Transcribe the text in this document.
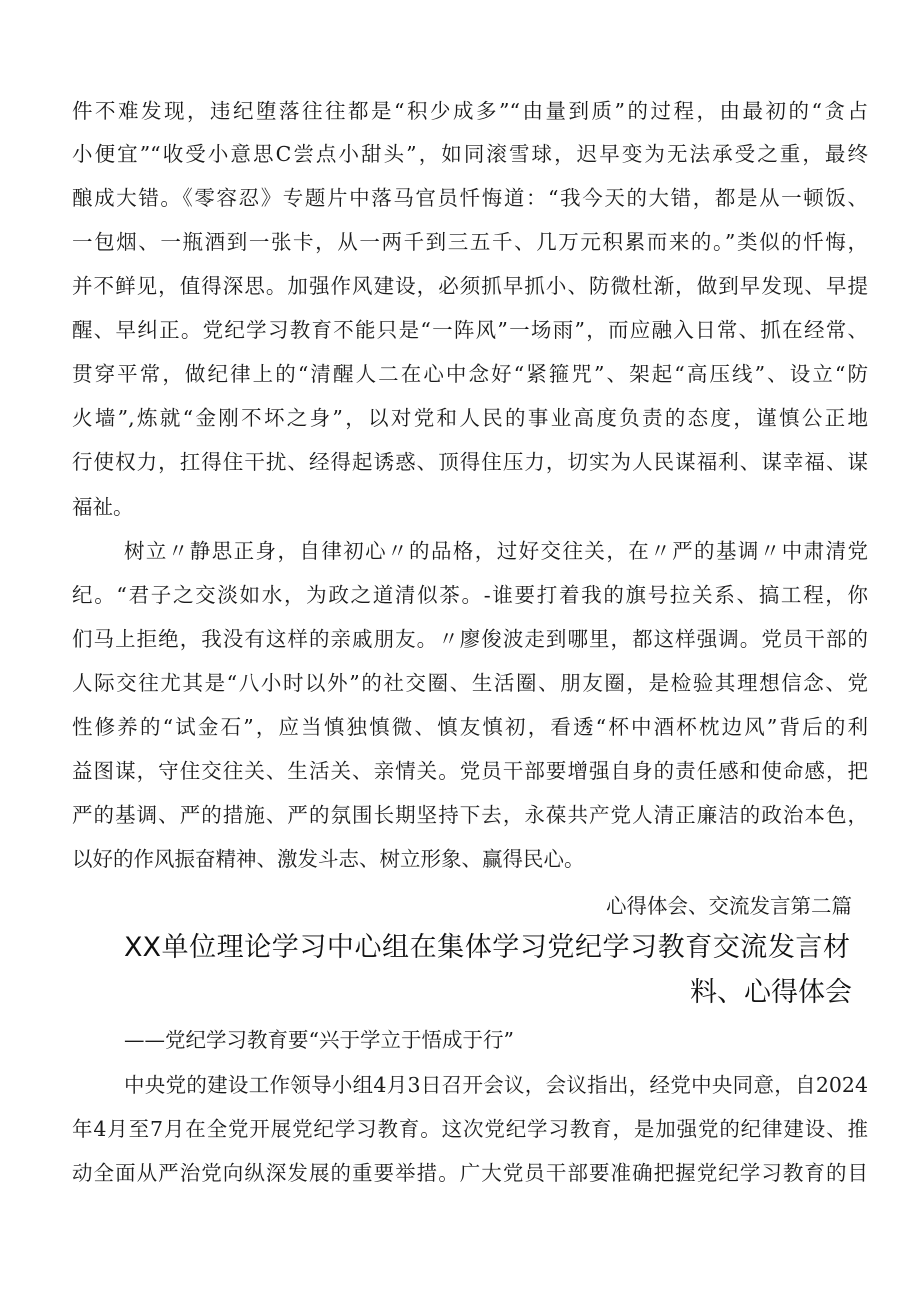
件不难发现，违纪堕落往往都是“积少成多”“由量到质”的过程，由最初的“贪占
小便宜”“收受小意思C尝点小甜头”，如同滚雪球，迟早变为无法承受之重，最终
酿成大错。《零容忍》专题片中落马官员忏悔道：“我今天的大错，都是从一顿饭、
一包烟、一瓶酒到一张卡，从一两千到三五千、几万元积累而来的。”类似的忏悔，
并不鲜见，值得深思。加强作风建设，必须抓早抓小、防微杜渐，做到早发现、早提
醒、早纠正。党纪学习教育不能只是“一阵风”一场雨”，而应融入日常、抓在经常、
贯穿平常，做纪律上的“清醒人二在心中念好“紧箍咒”、架起“高压线”、设立“防
火墙”,炼就“金刚不坏之身”，以对党和人民的事业高度负责的态度，谨慎公正地
行使权力，扛得住干扰、经得起诱惑、顶得住压力，切实为人民谋福利、谋幸福、谋
福祉。
树立〃静思正身，自律初心〃的品格，过好交往关，在〃严的基调〃中肃清党
纪。“君子之交淡如水，为政之道清似茶。-谁要打着我的旗号拉关系、搞工程，你
们马上拒绝，我没有这样的亲戚朋友。〃廖俊波走到哪里，都这样强调。党员干部的
人际交往尤其是“八小时以外”的社交圈、生活圈、朋友圈，是检验其理想信念、党
性修养的“试金石”，应当慎独慎微、慎友慎初，看透“杯中酒杯枕边风”背后的利
益图谋，守住交往关、生活关、亲情关。党员干部要增强自身的责任感和使命感，把
严的基调、严的措施、严的氛围长期坚持下去，永葆共产党人清正廉洁的政治本色，
以好的作风振奋精神、激发斗志、树立形象、赢得民心。
心得体会、交流发言第二篇
XX单位理论学习中心组在集体学习党纪学习教育交流发言材
料、心得体会
——党纪学习教育要“兴于学立于悟成于行”
中央党的建设工作领导小组4月3日召开会议，会议指出，经党中央同意，自2024
年4月至7月在全党开展党纪学习教育。这次党纪学习教育，是加强党的纪律建设、推
动全面从严治党向纵深发展的重要举措。广大党员干部要准确把握党纪学习教育的目
